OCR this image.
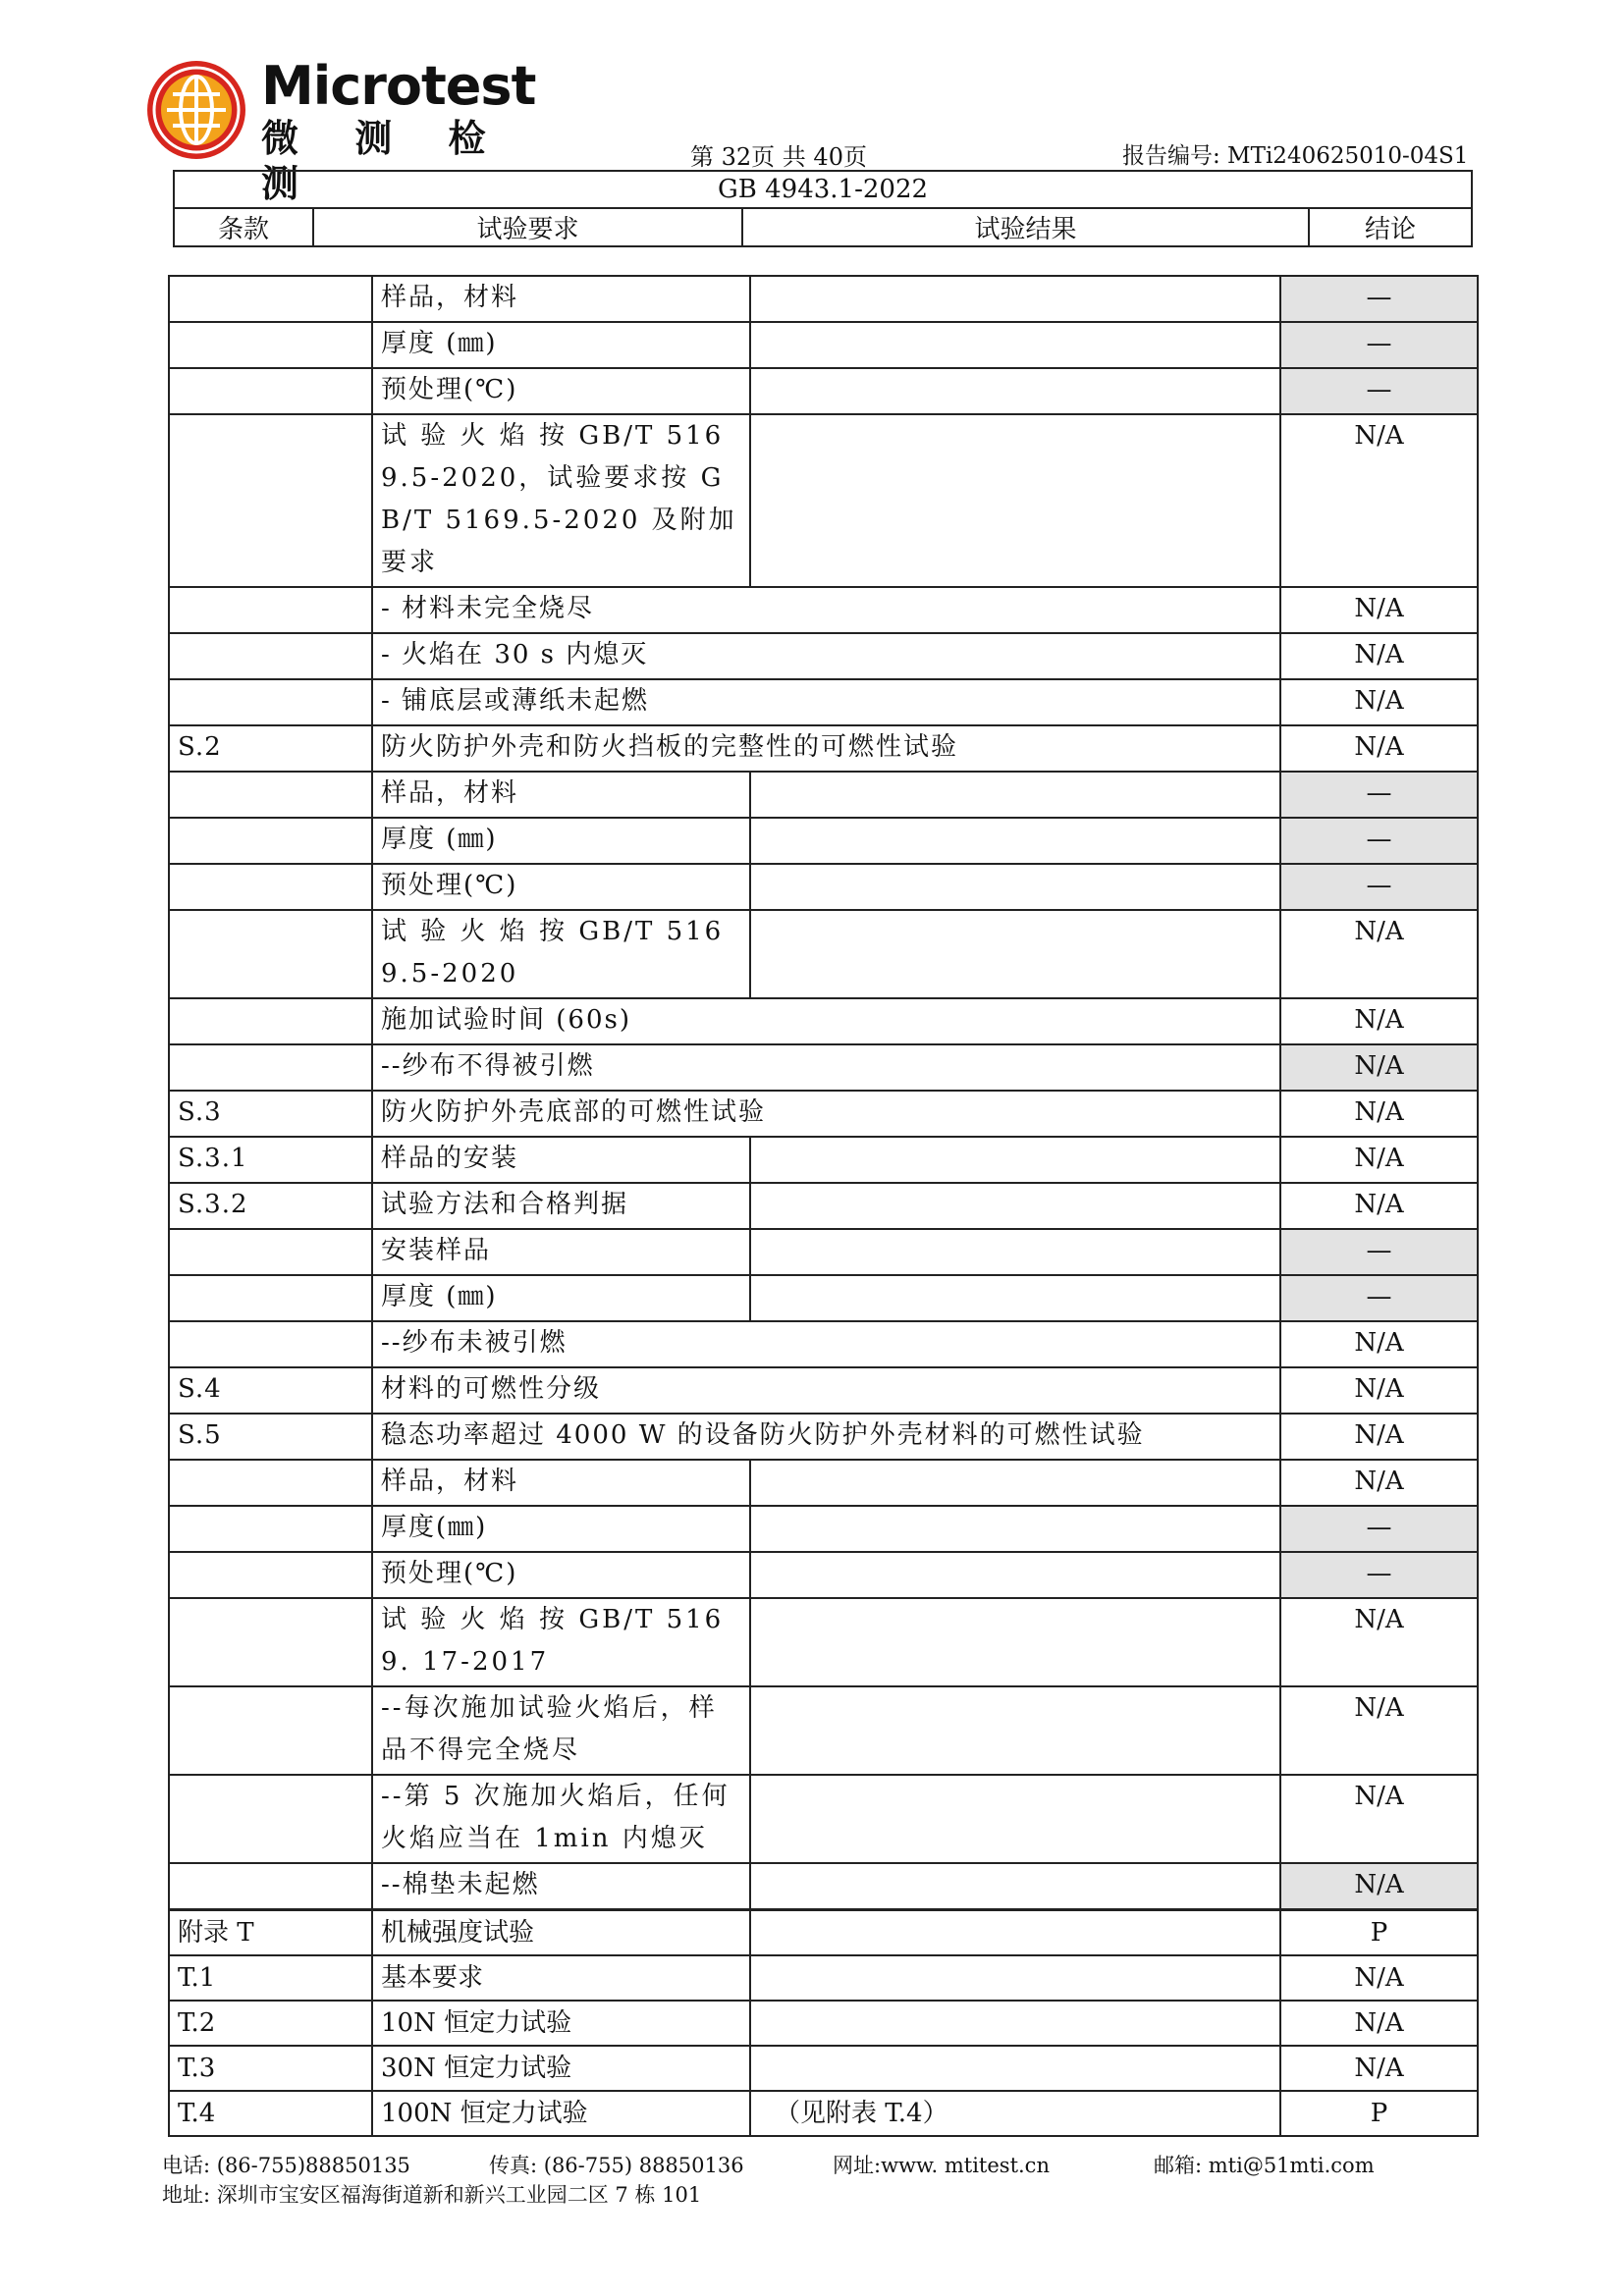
Microtest
微 测 检 测
第 32页 共 40页	报告编号: MTi240625010-04S1
GB 4943.1-2022
条款	试验要求	试验结果	结论
	样品，材料		—
	厚度 (㎜)		—
	预处理(℃)		—
	试 验 火 焰 按 GB/T 5169.5-2020，试验要求按 GB/T 5169.5-2020 及附加要求		N/A
	- 材料未完全烧尽		N/A
	- 火焰在 30 s 内熄灭		N/A
	- 铺底层或薄纸未起燃		N/A
S.2	防火防护外壳和防火挡板的完整性的可燃性试验		N/A
	样品，材料		—
	厚度 (㎜)		—
	预处理(℃)		—
	试 验 火 焰 按 GB/T 5169.5-2020		N/A
	施加试验时间 (60s)		N/A
	--纱布不得被引燃		N/A
S.3	防火防护外壳底部的可燃性试验		N/A
S.3.1	样品的安装		N/A
S.3.2	试验方法和合格判据		N/A
	安装样品		—
	厚度 (㎜)		—
	--纱布未被引燃		N/A
S.4	材料的可燃性分级		N/A
S.5	稳态功率超过 4000 W 的设备防火防护外壳材料的可燃性试验		N/A
	样品，材料		N/A
	厚度(㎜)		—
	预处理(℃)		—
	试 验 火 焰 按 GB/T 5169. 17-2017		N/A
	--每次施加试验火焰后，样品不得完全烧尽		N/A
	--第 5 次施加火焰后，任何火焰应当在 1min 内熄灭		N/A
	--棉垫未起燃		N/A
附录 T	机械强度试验		P
T.1	基本要求		N/A
T.2	10N 恒定力试验		N/A
T.3	30N 恒定力试验		N/A
T.4	100N 恒定力试验	（见附表 T.4）	P
电话: (86-755)88850135	传真: (86-755) 88850136	网址:www. mtitest.cn	邮箱: mti@51mti.com
地址: 深圳市宝安区福海街道新和新兴工业园二区 7 栋 101
